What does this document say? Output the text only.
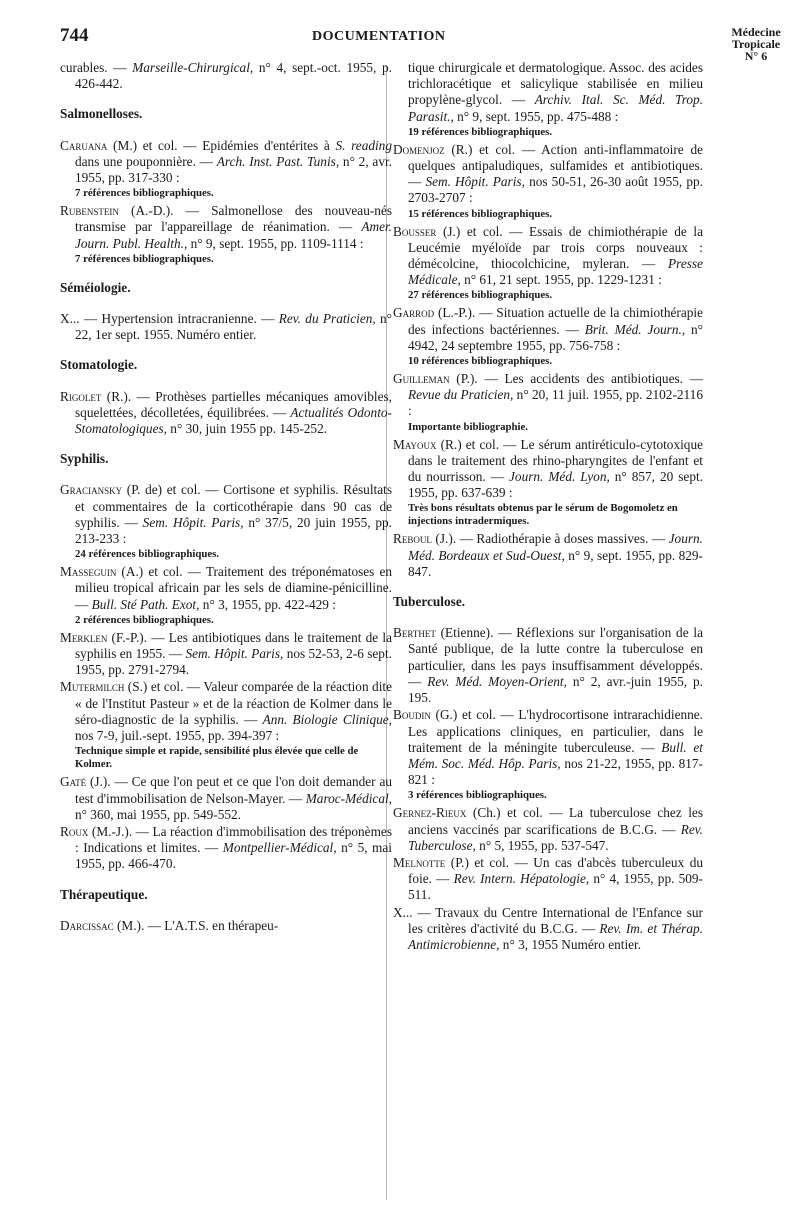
744	DOCUMENTATION	Médecine
Tropicale
N° 6

curables. — Marseille-Chirurgical, n° 4, sept.-oct. 1955, p. 426-442.

Salmonelloses.

Caruana (M.) et col. — Epidémies d'entérites à S. reading dans une pouponnière. — Arch. Inst. Past. Tunis, n° 2, avr. 1955, pp. 317-330 :

7 références bibliographiques.

Rubenstein (A.-D.). — Salmonellose des nouveau-nés transmise par l'appareillage de réanimation. — Amer. Journ. Publ. Health., n° 9, sept. 1955, pp. 1109-1114 :

7 références bibliographiques.

Séméiologie.

X... — Hypertension intracranienne. — Rev. du Praticien, n° 22, 1er sept. 1955. Numéro entier.

Stomatologie.

Rigolet (R.). — Prothèses partielles mécaniques amovibles, squelettées, décolletées, équilibrées. — Actualités Odonto-Stomatologiques, n° 30, juin 1955 pp. 145-252.

Syphilis.

Graciansky (P. de) et col. — Cortisone et syphilis. Résultats et commentaires de la corticothérapie dans 90 cas de syphilis. — Sem. Hôpit. Paris, n° 37/5, 20 juin 1955, pp. 213-233 :

24 références bibliographiques.

Masseguin (A.) et col. — Traitement des tréponématoses en milieu tropical africain par les sels de diamine-pénicilline. — Bull. Sté Path. Exot, n° 3, 1955, pp. 422-429 :

2 références bibliographiques.

Merklen (F.-P.). — Les antibiotiques dans le traitement de la syphilis en 1955. — Sem. Hôpit. Paris, nos 52-53, 2-6 sept. 1955, pp. 2791-2794.

Mutermilch (S.) et col. — Valeur comparée de la réaction dite « de l'Institut Pasteur » et de la réaction de Kolmer dans le séro-diagnostic de la syphilis. — Ann. Biologie Clinique, nos 7-9, juil.-sept. 1955, pp. 394-397 :

Technique simple et rapide, sensibilité plus élevée que celle de Kolmer.

Gaté (J.). — Ce que l'on peut et ce que l'on doit demander au test d'immobilisation de Nelson-Mayer. — Maroc-Médical, n° 360, mai 1955, pp. 549-552.

Roux (M.-J.). — La réaction d'immobilisation des tréponèmes : Indications et limites. — Montpellier-Médical, n° 5, mai 1955, pp. 466-470.

Thérapeutique.

Darcissac (M.). — L'A.T.S. en thérapeu-

tique chirurgicale et dermatologique. Assoc. des acides trichloracétique et salicylique stabilisée en milieu propylène-glycol. — Archiv. Ital. Sc. Méd. Trop. Parasit., n° 9, sept. 1955, pp. 475-488 :

19 références bibliographiques.

Domenjoz (R.) et col. — Action anti-inflammatoire de quelques antipaludiques, sulfamides et antibiotiques. — Sem. Hôpit. Paris, nos 50-51, 26-30 août 1955, pp. 2703-2707 :

15 références bibliographiques.

Bousser (J.) et col. — Essais de chimiothérapie de la Leucémie myéloïde par trois corps nouveaux : démécolcine, thiocolchicine, myleran. — Presse Médicale, n° 61, 21 sept. 1955, pp. 1229-1231 :

27 références bibliographiques.

Garrod (L.-P.). — Situation actuelle de la chimiothérapie des infections bactériennes. — Brit. Méd. Journ., n° 4942, 24 septembre 1955, pp. 756-758 :

10 références bibliographiques.

Guilleman (P.). — Les accidents des antibiotiques. — Revue du Praticien, n° 20, 11 juil. 1955, pp. 2102-2116 :

Importante bibliographie.

Mayoux (R.) et col. — Le sérum antiréticulo-cytotoxique dans le traitement des rhino-pharyngites de l'enfant et du nourrisson. — Journ. Méd. Lyon, n° 857, 20 sept. 1955, pp. 637-639 :

Très bons résultats obtenus par le sérum de Bogomoletz en injections intradermiques.

Reboul (J.). — Radiothérapie à doses massives. — Journ. Méd. Bordeaux et Sud-Ouest, n° 9, sept. 1955, pp. 829-847.

Tuberculose.

Berthet (Etienne). — Réflexions sur l'organisation de la Santé publique, de la lutte contre la tuberculose en particulier, dans les pays insuffisamment développés. — Rev. Méd. Moyen-Orient, n° 2, avr.-juin 1955, p. 195.

Boudin (G.) et col. — L'hydrocortisone intrarachidienne. Les applications cliniques, en particulier, dans le traitement de la méningite tuberculeuse. — Bull. et Mém. Soc. Méd. Hôp. Paris, nos 21-22, 1955, pp. 817-821 :

3 références bibliographiques.

Gernez-Rieux (Ch.) et col. — La tuberculose chez les anciens vaccinés par scarifications de B.C.G. — Rev. Tuberculose, n° 5, 1955, pp. 537-547.

Melnotte (P.) et col. — Un cas d'abcès tuberculeux du foie. — Rev. Intern. Hépatologie, n° 4, 1955, pp. 509-511.

X... — Travaux du Centre International de l'Enfance sur les critères d'activité du B.C.G. — Rev. Im. et Thérap. Antimicrobienne, n° 3, 1955 Numéro entier.
